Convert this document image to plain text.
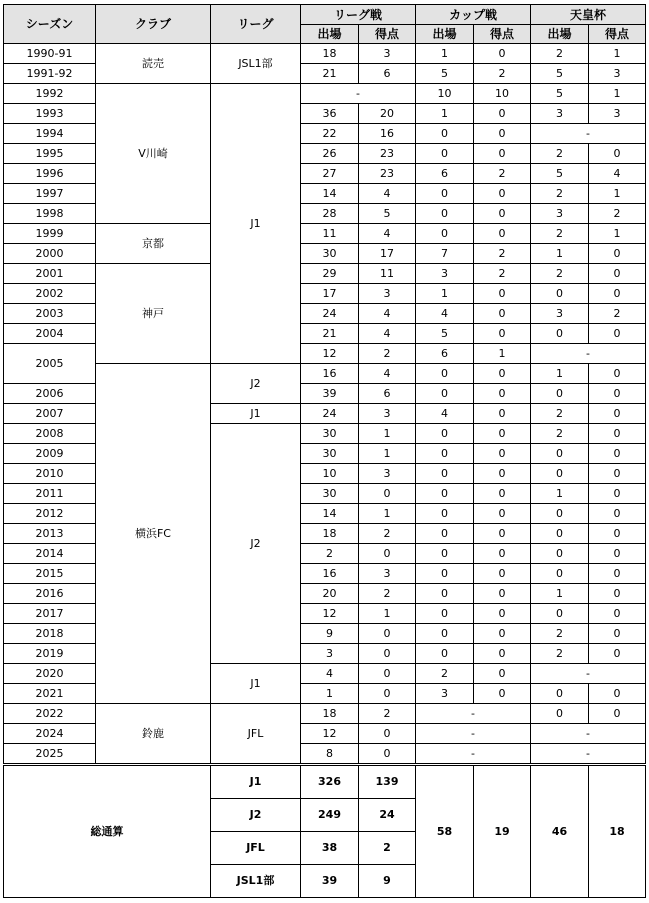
シーズン	クラブ	リーグ	リーグ戦		カップ戦		天皇杯	
			出場	得点	出場	得点	出場	得点
1990-91	読売	JSL1部	18	3	1	0	2	1
1991-92			21	6	5	2	5	3
1992	V川崎	J1	-		10	10	5	1
1993			36	20	1	0	3	3
1994			22	16	0	0	-	
1995			26	23	0	0	2	0
1996			27	23	6	2	5	4
1997			14	4	0	0	2	1
1998			28	5	0	0	3	2
1999	京都		11	4	0	0	2	1
2000			30	17	7	2	1	0
2001	神戸		29	11	3	2	2	0
2002			17	3	1	0	0	0
2003			24	4	4	0	3	2
2004			21	4	5	0	0	0
2005			12	2	6	1	-	
	横浜FC	J2	16	4	0	0	1	0
2006			39	6	0	0	0	0
2007		J1	24	3	4	0	2	0
2008		J2	30	1	0	0	2	0
2009			30	1	0	0	0	0
2010			10	3	0	0	0	0
2011			30	0	0	0	1	0
2012			14	1	0	0	0	0
2013			18	2	0	0	0	0
2014			2	0	0	0	0	0
2015			16	3	0	0	0	0
2016			20	2	0	0	1	0
2017			12	1	0	0	0	0
2018			9	0	0	0	2	0
2019			3	0	0	0	2	0
2020		J1	4	0	2	0	-	
2021			1	0	3	0	0	0
2022	鈴鹿	JFL	18	2	-		0	0
2024			12	0	-		-	
2025			8	0	-		-	
総通算		J1	326	139	58	19	46	18
		J2	249	24				
		JFL	38	2				
		JSL1部	39	9				
